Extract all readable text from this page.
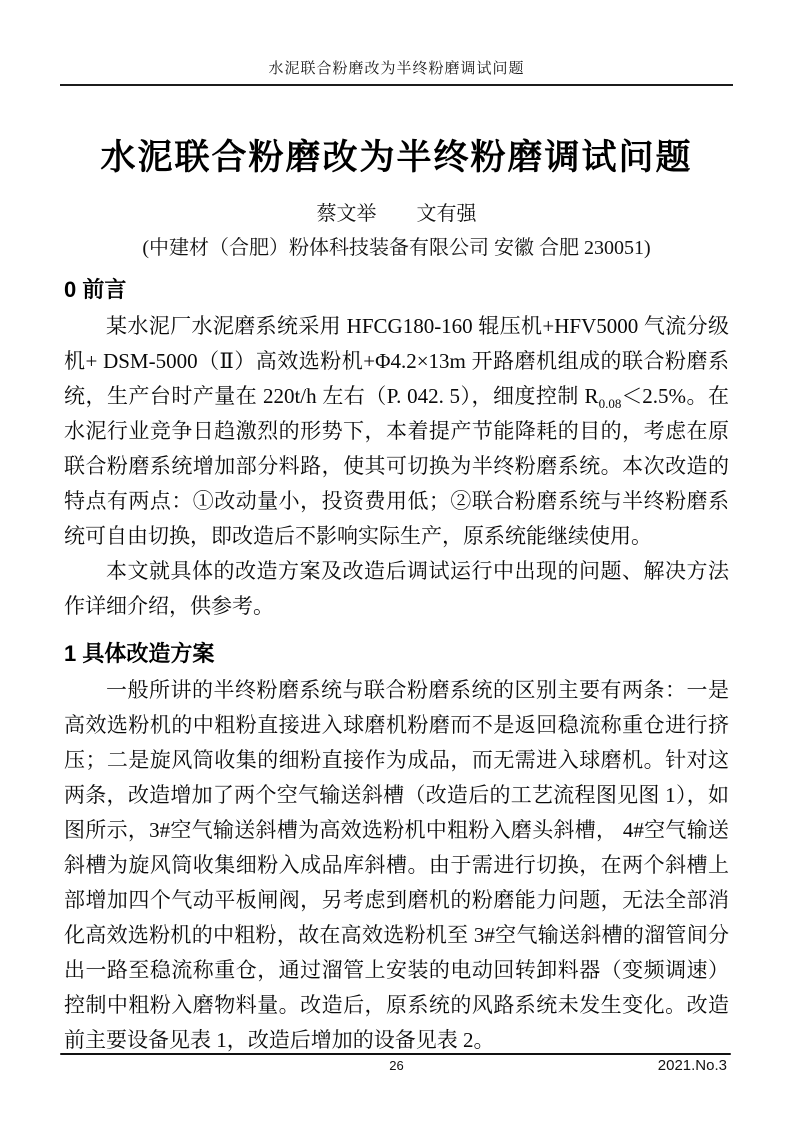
水泥联合粉磨改为半终粉磨调试问题
水泥联合粉磨改为半终粉磨调试问题
蔡文举　　文有强
(中建材（合肥）粉体科技装备有限公司 安徽 合肥 230051)
0 前言

某水泥厂水泥磨系统采用 HFCG180-160 辊压机+HFV5000 气流分级机+ DSM-5000（Ⅱ）高效选粉机+Φ4.2×13m 开路磨机组成的联合粉磨系统，生产台时产量在 220t/h 左右（P. 042. 5），细度控制 $R_{0.08}<2.5\%$。在水泥行业竞争日趋激烈的形势下，本着提产节能降耗的目的，考虑在原联合粉磨系统增加部分料路，使其可切换为半终粉磨系统。本次改造的特点有两点：①改动量小，投资费用低；②联合粉磨系统与半终粉磨系统可自由切换，即改造后不影响实际生产，原系统能继续使用。

本文就具体的改造方案及改造后调试运行中出现的问题、解决方法作详细介绍，供参考。

1 具体改造方案

一般所讲的半终粉磨系统与联合粉磨系统的区别主要有两条：一是高效选粉机的中粗粉直接进入球磨机粉磨而不是返回稳流称重仓进行挤压；二是旋风筒收集的细粉直接作为成品，而无需进入球磨机。针对这两条，改造增加了两个空气输送斜槽（改造后的工艺流程图见图 1），如图所示，3#空气输送斜槽为高效选粉机中粗粉入磨头斜槽， 4#空气输送斜槽为旋风筒收集细粉入成品库斜槽。由于需进行切换，在两个斜槽上部增加四个气动平板闸阀，另考虑到磨机的粉磨能力问题，无法全部消化高效选粉机的中粗粉，故在高效选粉机至 3#空气输送斜槽的溜管间分出一路至稳流称重仓，通过溜管上安装的电动回转卸料器（变频调速）控制中粗粉入磨物料量。改造后，原系统的风路系统未发生变化。改造前主要设备见表 1，改造后增加的设备见表 2。

26	2021.No.3
